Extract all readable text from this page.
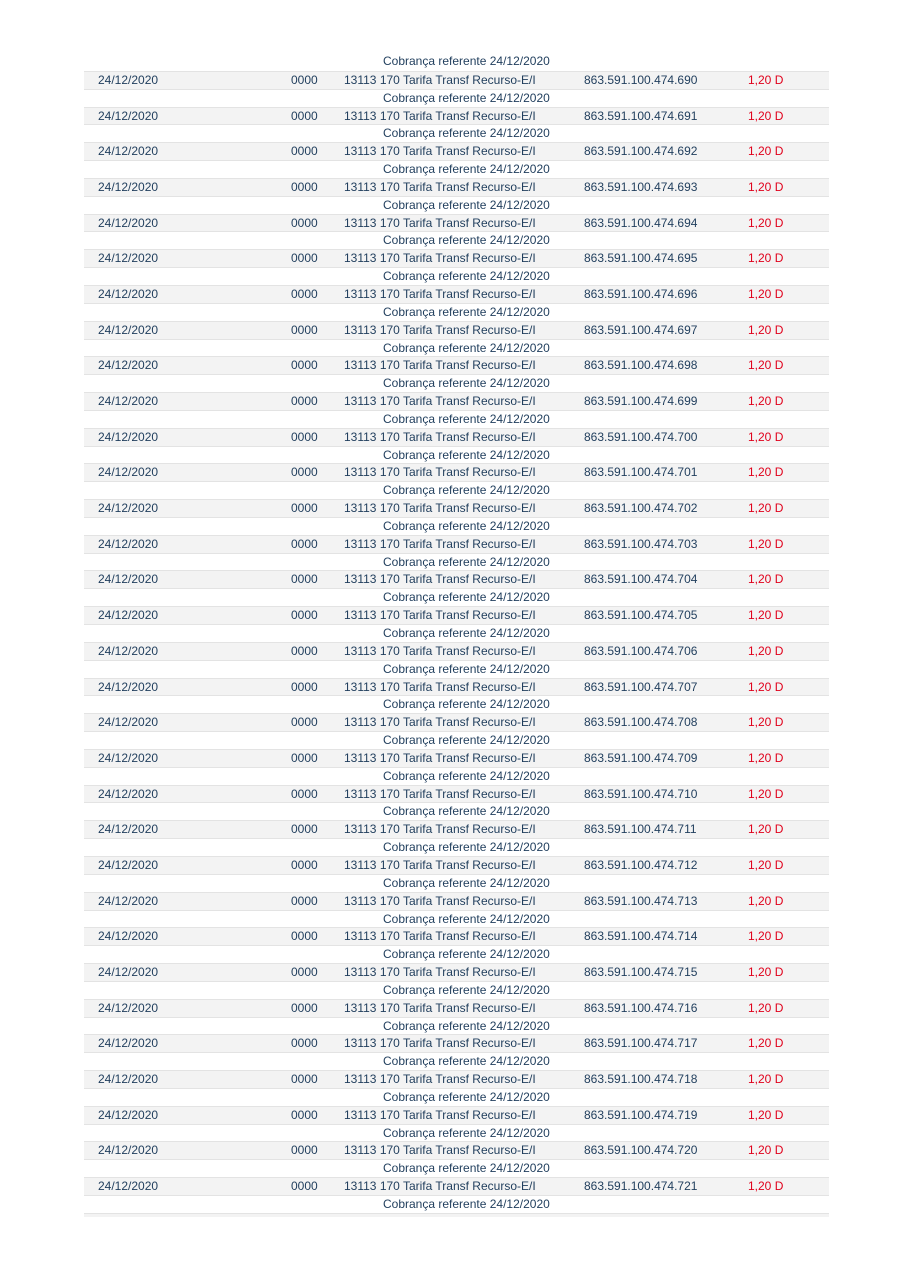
Cobrança referente 24/12/2020
24/12/2020	0000 13113 170 Tarifa Transf Recurso-E/I	863.591.100.474.690	1,20 D
Cobrança referente 24/12/2020
24/12/2020	0000 13113 170 Tarifa Transf Recurso-E/I	863.591.100.474.691	1,20 D
Cobrança referente 24/12/2020
24/12/2020	0000 13113 170 Tarifa Transf Recurso-E/I	863.591.100.474.692	1,20 D
Cobrança referente 24/12/2020
24/12/2020	0000 13113 170 Tarifa Transf Recurso-E/I	863.591.100.474.693	1,20 D
Cobrança referente 24/12/2020
24/12/2020	0000 13113 170 Tarifa Transf Recurso-E/I	863.591.100.474.694	1,20 D
Cobrança referente 24/12/2020
24/12/2020	0000 13113 170 Tarifa Transf Recurso-E/I	863.591.100.474.695	1,20 D
Cobrança referente 24/12/2020
24/12/2020	0000 13113 170 Tarifa Transf Recurso-E/I	863.591.100.474.696	1,20 D
Cobrança referente 24/12/2020
24/12/2020	0000 13113 170 Tarifa Transf Recurso-E/I	863.591.100.474.697	1,20 D
Cobrança referente 24/12/2020
24/12/2020	0000 13113 170 Tarifa Transf Recurso-E/I	863.591.100.474.698	1,20 D
Cobrança referente 24/12/2020
24/12/2020	0000 13113 170 Tarifa Transf Recurso-E/I	863.591.100.474.699	1,20 D
Cobrança referente 24/12/2020
24/12/2020	0000 13113 170 Tarifa Transf Recurso-E/I	863.591.100.474.700	1,20 D
Cobrança referente 24/12/2020
24/12/2020	0000 13113 170 Tarifa Transf Recurso-E/I	863.591.100.474.701	1,20 D
Cobrança referente 24/12/2020
24/12/2020	0000 13113 170 Tarifa Transf Recurso-E/I	863.591.100.474.702	1,20 D
Cobrança referente 24/12/2020
24/12/2020	0000 13113 170 Tarifa Transf Recurso-E/I	863.591.100.474.703	1,20 D
Cobrança referente 24/12/2020
24/12/2020	0000 13113 170 Tarifa Transf Recurso-E/I	863.591.100.474.704	1,20 D
Cobrança referente 24/12/2020
24/12/2020	0000 13113 170 Tarifa Transf Recurso-E/I	863.591.100.474.705	1,20 D
Cobrança referente 24/12/2020
24/12/2020	0000 13113 170 Tarifa Transf Recurso-E/I	863.591.100.474.706	1,20 D
Cobrança referente 24/12/2020
24/12/2020	0000 13113 170 Tarifa Transf Recurso-E/I	863.591.100.474.707	1,20 D
Cobrança referente 24/12/2020
24/12/2020	0000 13113 170 Tarifa Transf Recurso-E/I	863.591.100.474.708	1,20 D
Cobrança referente 24/12/2020
24/12/2020	0000 13113 170 Tarifa Transf Recurso-E/I	863.591.100.474.709	1,20 D
Cobrança referente 24/12/2020
24/12/2020	0000 13113 170 Tarifa Transf Recurso-E/I	863.591.100.474.710	1,20 D
Cobrança referente 24/12/2020
24/12/2020	0000 13113 170 Tarifa Transf Recurso-E/I	863.591.100.474.711	1,20 D
Cobrança referente 24/12/2020
24/12/2020	0000 13113 170 Tarifa Transf Recurso-E/I	863.591.100.474.712	1,20 D
Cobrança referente 24/12/2020
24/12/2020	0000 13113 170 Tarifa Transf Recurso-E/I	863.591.100.474.713	1,20 D
Cobrança referente 24/12/2020
24/12/2020	0000 13113 170 Tarifa Transf Recurso-E/I	863.591.100.474.714	1,20 D
Cobrança referente 24/12/2020
24/12/2020	0000 13113 170 Tarifa Transf Recurso-E/I	863.591.100.474.715	1,20 D
Cobrança referente 24/12/2020
24/12/2020	0000 13113 170 Tarifa Transf Recurso-E/I	863.591.100.474.716	1,20 D
Cobrança referente 24/12/2020
24/12/2020	0000 13113 170 Tarifa Transf Recurso-E/I	863.591.100.474.717	1,20 D
Cobrança referente 24/12/2020
24/12/2020	0000 13113 170 Tarifa Transf Recurso-E/I	863.591.100.474.718	1,20 D
Cobrança referente 24/12/2020
24/12/2020	0000 13113 170 Tarifa Transf Recurso-E/I	863.591.100.474.719	1,20 D
Cobrança referente 24/12/2020
24/12/2020	0000 13113 170 Tarifa Transf Recurso-E/I	863.591.100.474.720	1,20 D
Cobrança referente 24/12/2020
24/12/2020	0000 13113 170 Tarifa Transf Recurso-E/I	863.591.100.474.721	1,20 D
Cobrança referente 24/12/2020
